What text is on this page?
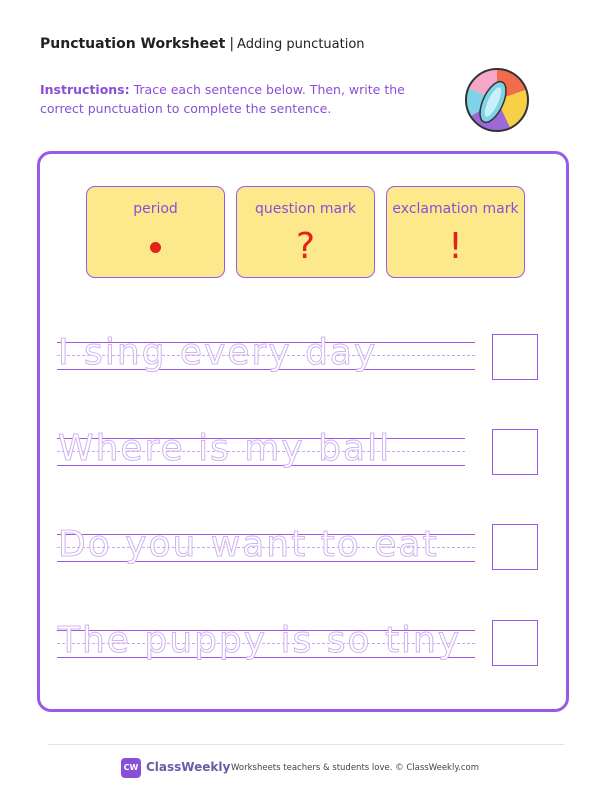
Punctuation Worksheet | Adding punctuation
Instructions: Trace each sentence below. Then, write the correct punctuation to complete the sentence.
period	question mark
?
exclamation mark
!
I sing every day
Where is my ball
Do you want to eat
The puppy is so tiny
CW ClassWeekly Worksheets teachers & students love. © ClassWeekly.com
